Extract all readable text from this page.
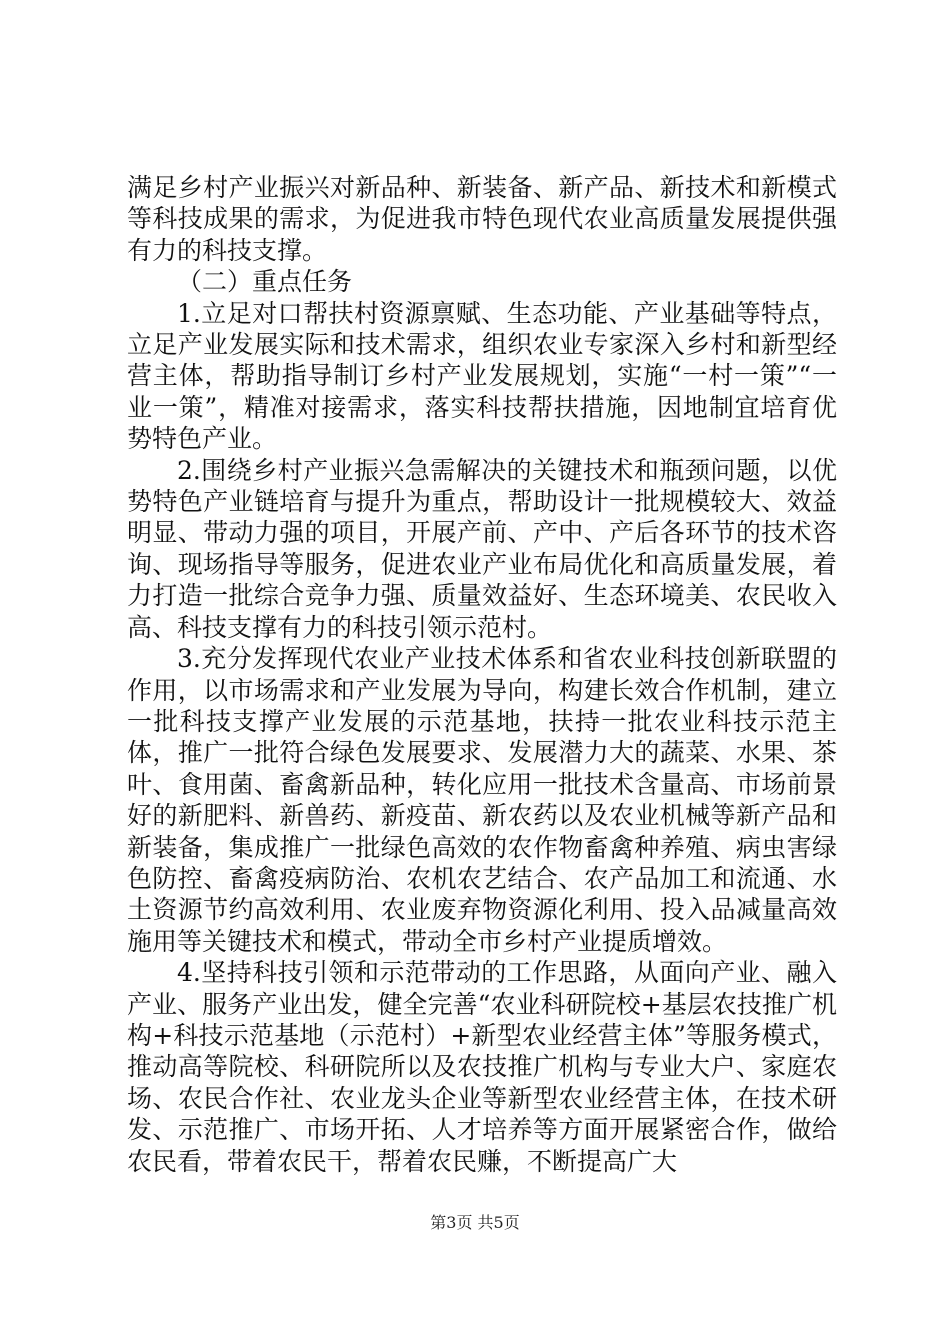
满足乡村产业振兴对新品种、新装备、新产品、新技术和新模式等科技成果的需求，为促进我市特色现代农业高质量发展提供强有力的科技支撑。

（二）重点任务

1.立足对口帮扶村资源禀赋、生态功能、产业基础等特点，立足产业发展实际和技术需求，组织农业专家深入乡村和新型经营主体，帮助指导制订乡村产业发展规划，实施“一村一策”“一业一策”，精准对接需求，落实科技帮扶措施，因地制宜培育优势特色产业。

2.围绕乡村产业振兴急需解决的关键技术和瓶颈问题，以优势特色产业链培育与提升为重点，帮助设计一批规模较大、效益明显、带动力强的项目，开展产前、产中、产后各环节的技术咨询、现场指导等服务，促进农业产业布局优化和高质量发展，着力打造一批综合竞争力强、质量效益好、生态环境美、农民收入高、科技支撑有力的科技引领示范村。

3.充分发挥现代农业产业技术体系和省农业科技创新联盟的作用，以市场需求和产业发展为导向，构建长效合作机制，建立一批科技支撑产业发展的示范基地，扶持一批农业科技示范主体，推广一批符合绿色发展要求、发展潜力大的蔬菜、水果、茶叶、食用菌、畜禽新品种，转化应用一批技术含量高、市场前景好的新肥料、新兽药、新疫苗、新农药以及农业机械等新产品和新装备，集成推广一批绿色高效的农作物畜禽种养殖、病虫害绿色防控、畜禽疫病防治、农机农艺结合、农产品加工和流通、水土资源节约高效利用、农业废弃物资源化利用、投入品减量高效施用等关键技术和模式，带动全市乡村产业提质增效。

4.坚持科技引领和示范带动的工作思路，从面向产业、融入产业、服务产业出发，健全完善“农业科研院校+基层农技推广机构+科技示范基地（示范村）+新型农业经营主体”等服务模式，推动高等院校、科研院所以及农技推广机构与专业大户、家庭农场、农民合作社、农业龙头企业等新型农业经营主体，在技术研发、示范推广、市场开拓、人才培养等方面开展紧密合作，做给农民看，带着农民干，帮着农民赚，不断提高广大

第3页 共5页
